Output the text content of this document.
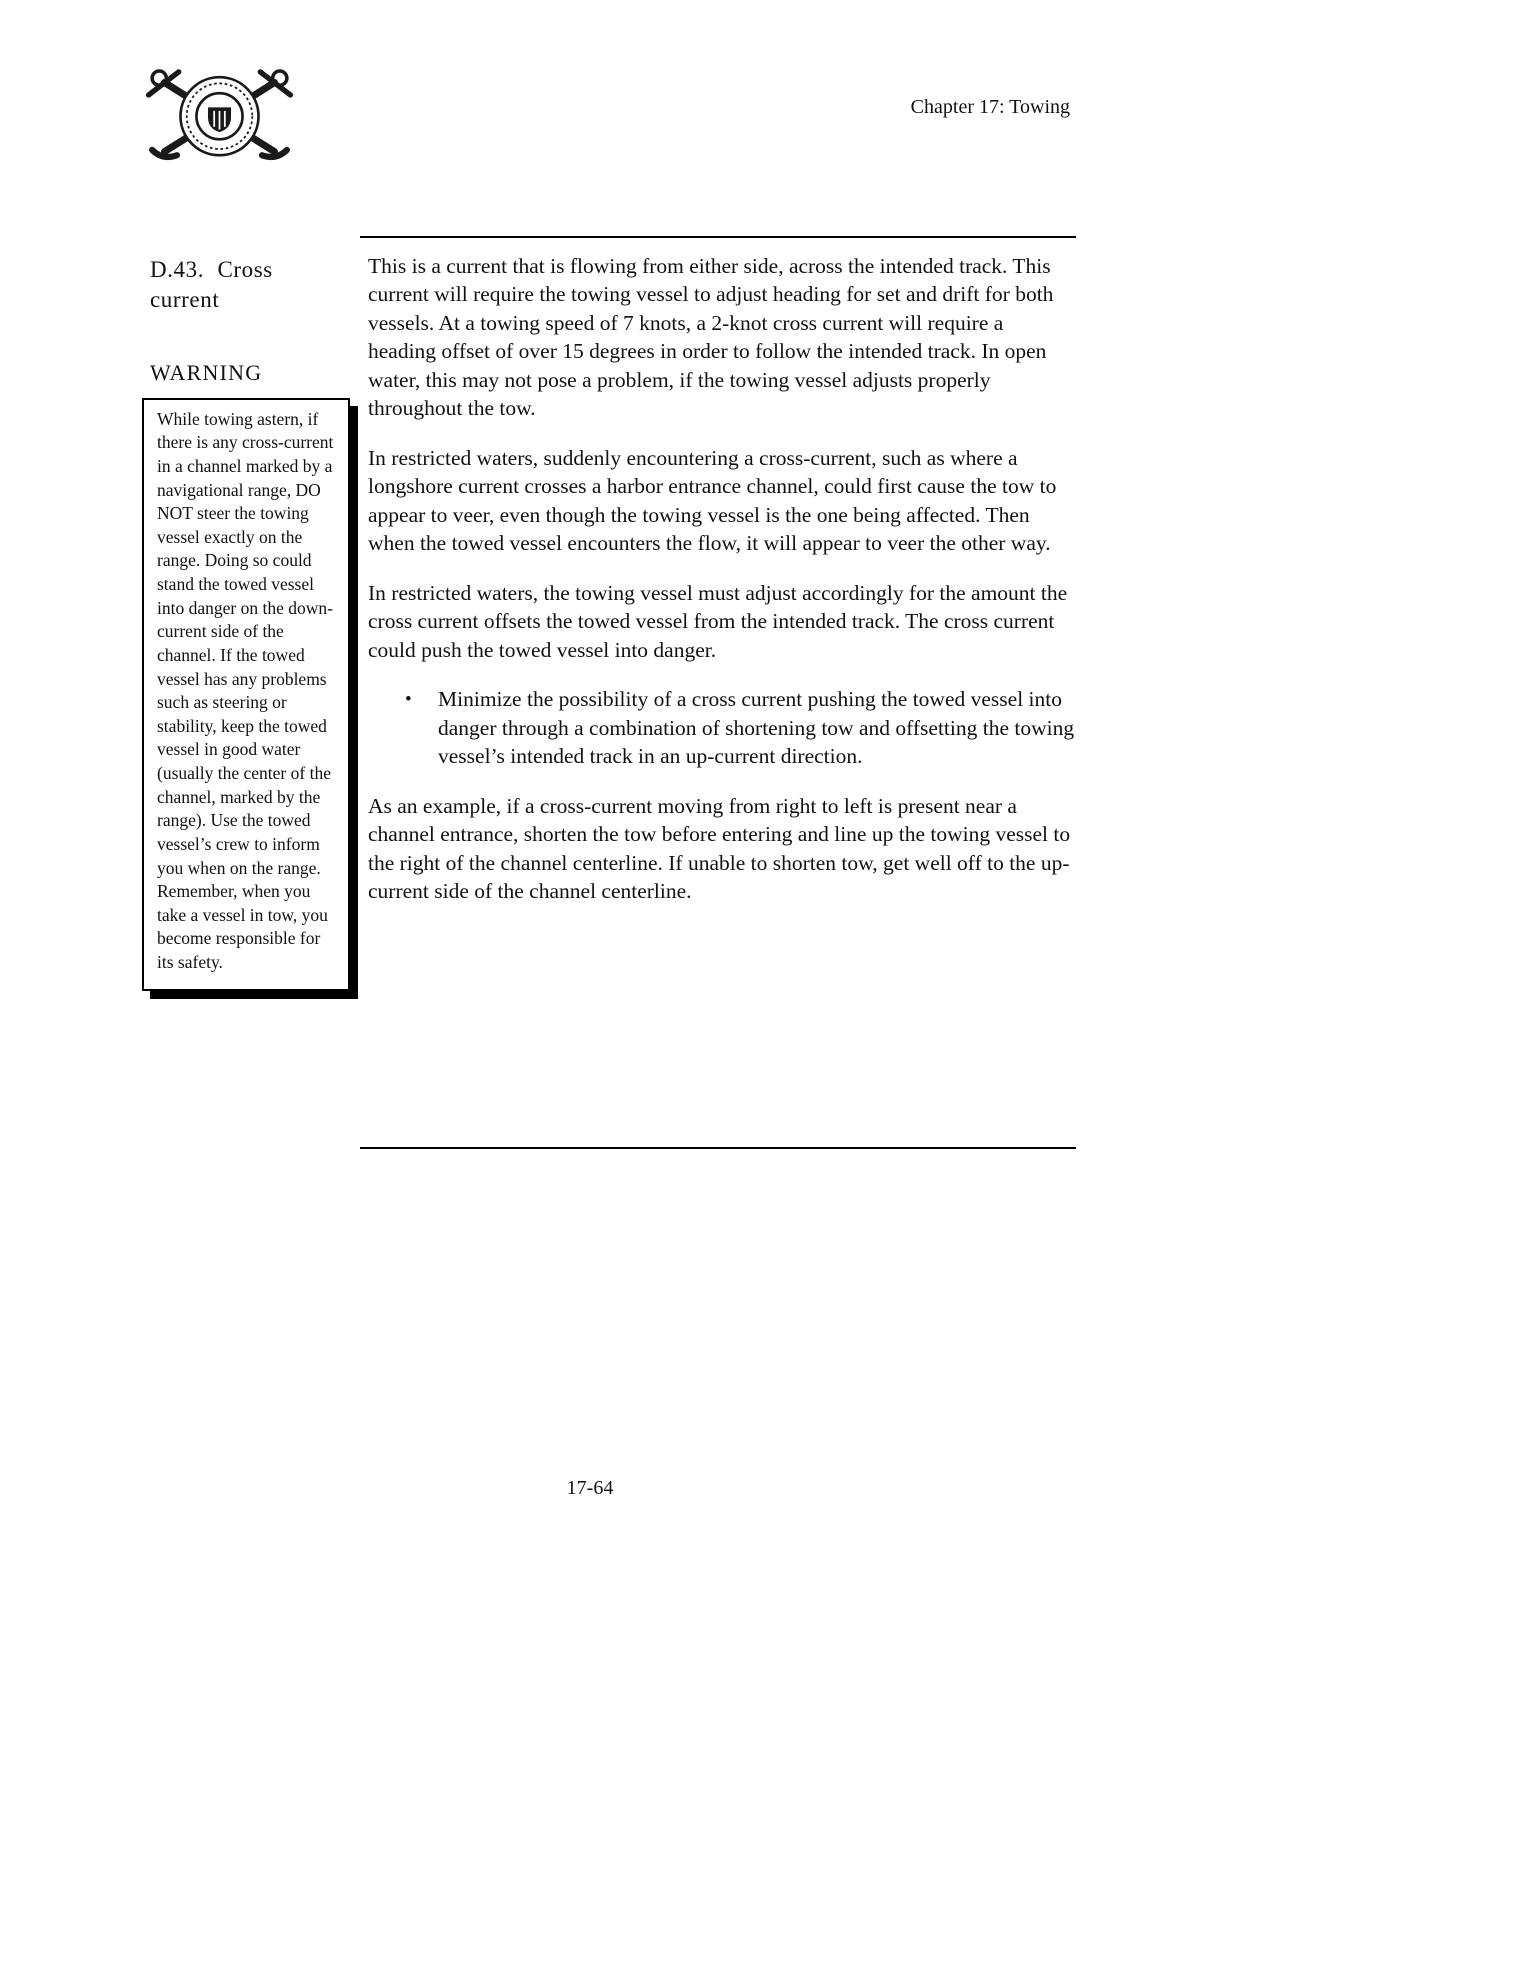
Chapter 17: Towing
D.43. Cross current
WARNING
While towing astern, if there is any cross-current in a channel marked by a navigational range, DO NOT steer the towing vessel exactly on the range. Doing so could stand the towed vessel into danger on the down-current side of the channel. If the towed vessel has any problems such as steering or stability, keep the towed vessel in good water (usually the center of the channel, marked by the range). Use the towed vessel’s crew to inform you when on the range. Remember, when you take a vessel in tow, you become responsible for its safety.

This is a current that is flowing from either side, across the intended track. This current will require the towing vessel to adjust heading for set and drift for both vessels. At a towing speed of 7 knots, a 2-knot cross current will require a heading offset of over 15 degrees in order to follow the intended track. In open water, this may not pose a problem, if the towing vessel adjusts properly throughout the tow.

In restricted waters, suddenly encountering a cross-current, such as where a longshore current crosses a harbor entrance channel, could first cause the tow to appear to veer, even though the towing vessel is the one being affected. Then when the towed vessel encounters the flow, it will appear to veer the other way.

In restricted waters, the towing vessel must adjust accordingly for the amount the cross current offsets the towed vessel from the intended track. The cross current could push the towed vessel into danger.

•	Minimize the possibility of a cross current pushing the towed vessel into danger through a combination of shortening tow and offsetting the towing vessel’s intended track in an up-current direction.

As an example, if a cross-current moving from right to left is present near a channel entrance, shorten the tow before entering and line up the towing vessel to the right of the channel centerline. If unable to shorten tow, get well off to the up-current side of the channel centerline.

17-64
